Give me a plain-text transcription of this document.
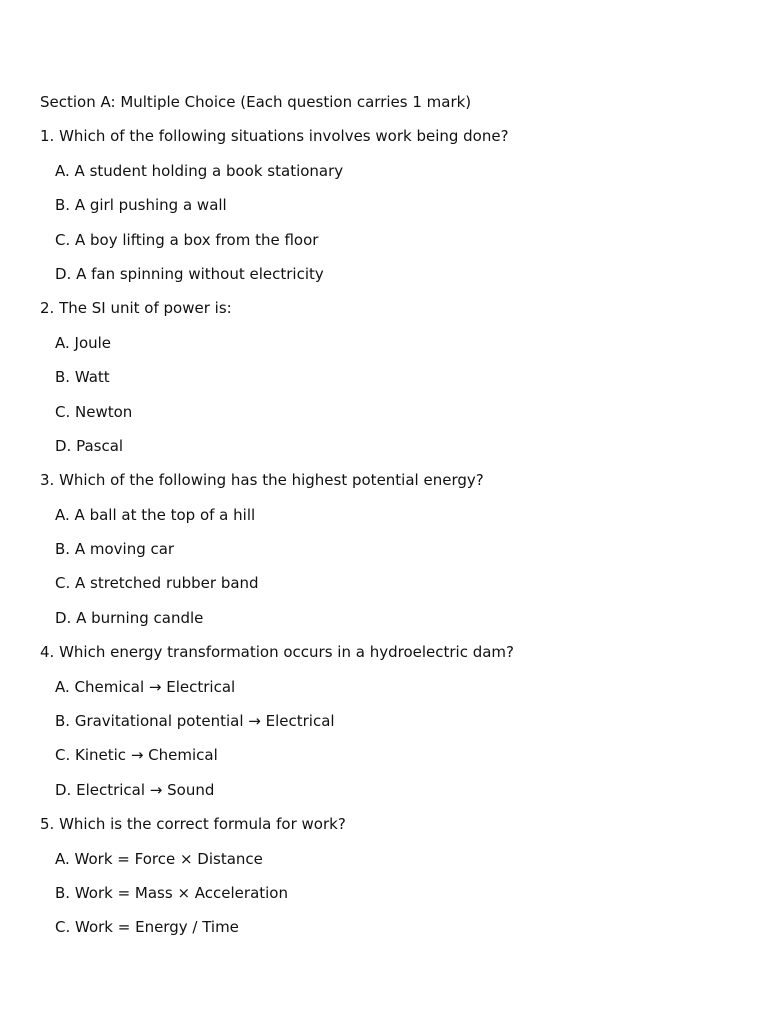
Section A: Multiple Choice (Each question carries 1 mark)
1. Which of the following situations involves work being done?
A. A student holding a book stationary
B. A girl pushing a wall
C. A boy lifting a box from the floor
D. A fan spinning without electricity
2. The SI unit of power is:
A. Joule
B. Watt
C. Newton
D. Pascal
3. Which of the following has the highest potential energy?
A. A ball at the top of a hill
B. A moving car
C. A stretched rubber band
D. A burning candle
4. Which energy transformation occurs in a hydroelectric dam?
A. Chemical → Electrical
B. Gravitational potential → Electrical
C. Kinetic → Chemical
D. Electrical → Sound
5. Which is the correct formula for work?
A. Work = Force × Distance
B. Work = Mass × Acceleration
C. Work = Energy / Time
